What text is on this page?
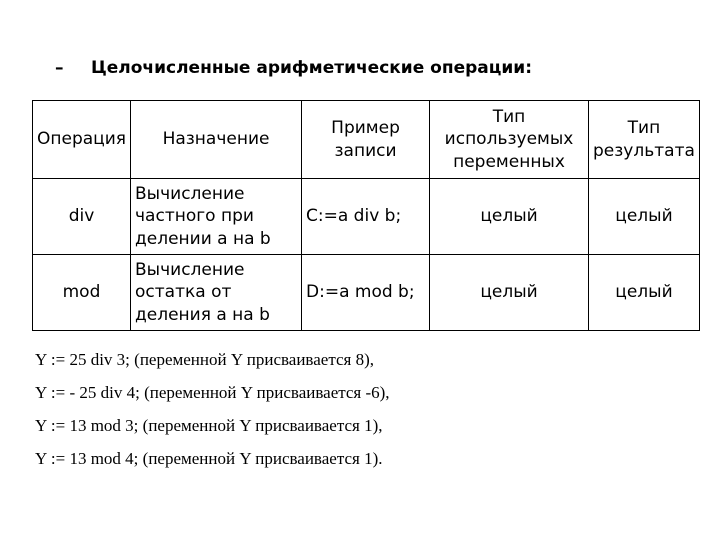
– Целочисленные арифметические операции:
Операция	Назначение	Пример записи	Тип используемых переменных	Тип результата
div	Вычисление частного при делении a на b	C:=a div b;	целый	целый
mod	Вычисление остатка от деления a на b	D:=a mod b;	целый	целый
Y := 25 div 3; (переменной Y присваивается 8),
Y := - 25 div 4; (переменной Y присваивается -6),
Y := 13 mod 3; (переменной Y присваивается 1),
Y := 13 mod 4; (переменной Y присваивается 1).
